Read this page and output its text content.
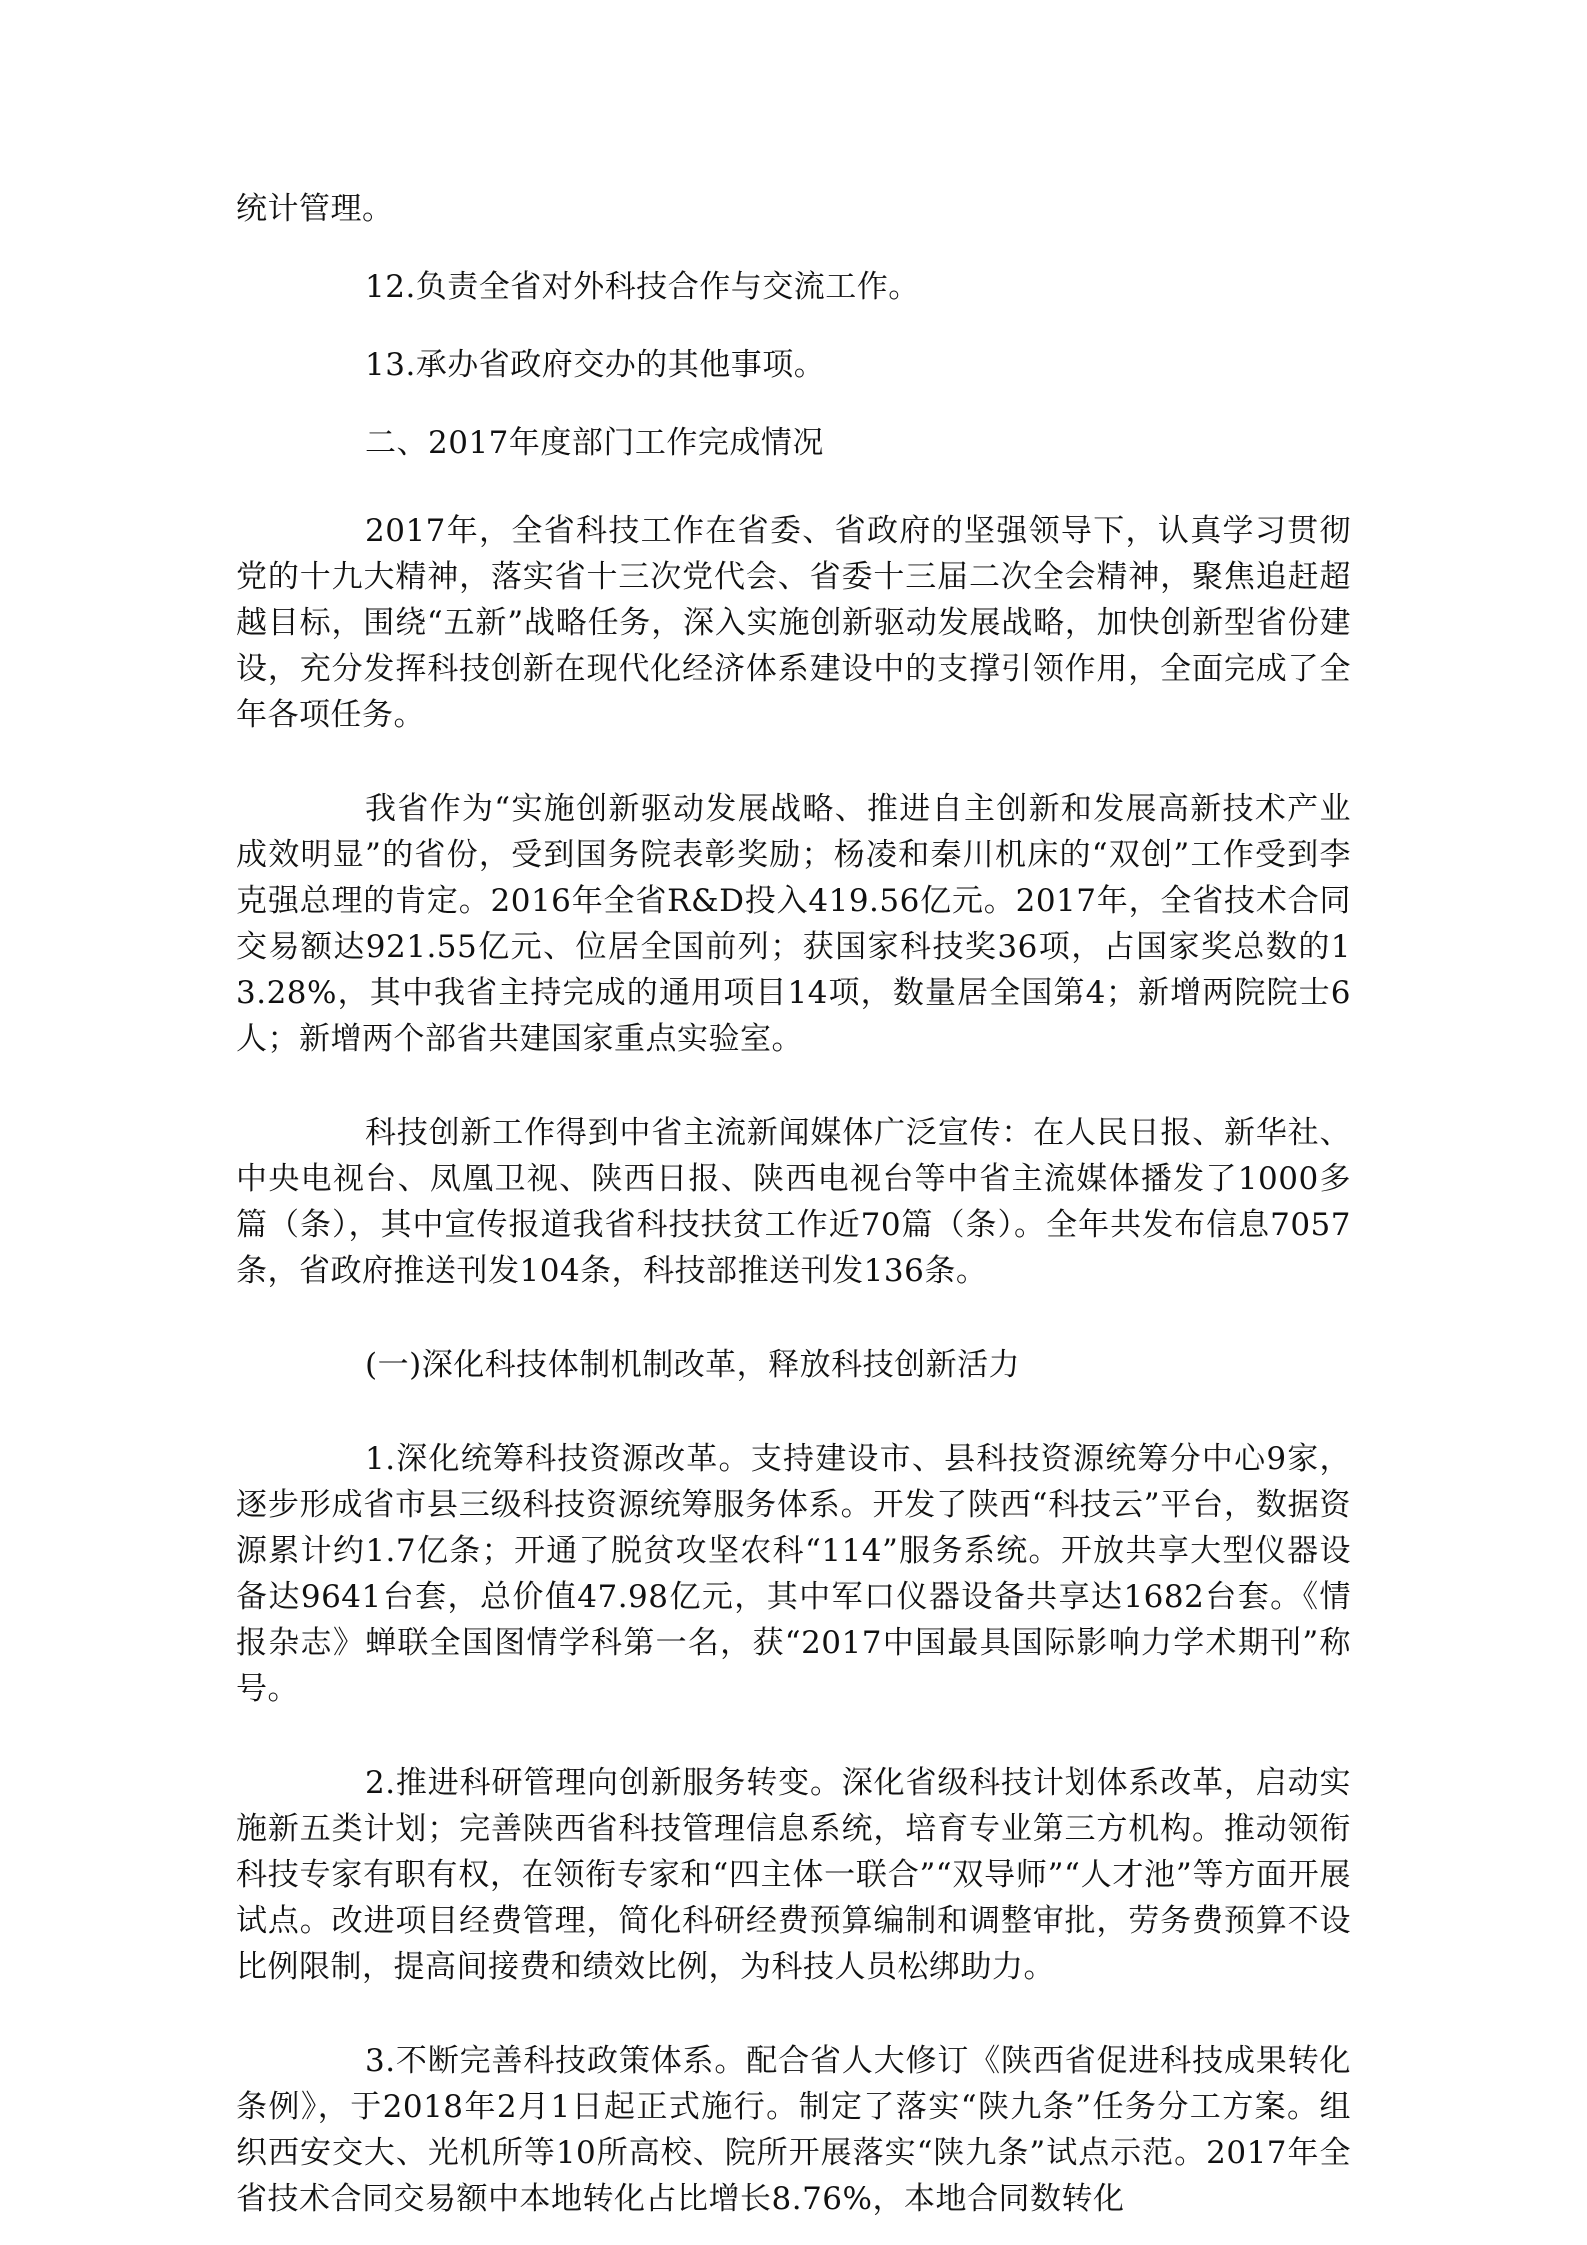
统计管理。

12.负责全省对外科技合作与交流工作。

13.承办省政府交办的其他事项。

二、2017年度部门工作完成情况

2017年，全省科技工作在省委、省政府的坚强领导下，认真学习贯彻党的十九大精神，落实省十三次党代会、省委十三届二次全会精神，聚焦追赶超越目标，围绕“五新”战略任务，深入实施创新驱动发展战略，加快创新型省份建设，充分发挥科技创新在现代化经济体系建设中的支撑引领作用，全面完成了全年各项任务。

我省作为“实施创新驱动发展战略、推进自主创新和发展高新技术产业成效明显”的省份，受到国务院表彰奖励；杨凌和秦川机床的“双创”工作受到李克强总理的肯定。2016年全省R&D投入419.56亿元。2017年，全省技术合同交易额达921.55亿元、位居全国前列；获国家科技奖36项，占国家奖总数的13.28%，其中我省主持完成的通用项目14项，数量居全国第4；新增两院院士6人；新增两个部省共建国家重点实验室。

科技创新工作得到中省主流新闻媒体广泛宣传：在人民日报、新华社、中央电视台、凤凰卫视、陕西日报、陕西电视台等中省主流媒体播发了1000多篇（条），其中宣传报道我省科技扶贫工作近70篇（条）。全年共发布信息7057条，省政府推送刊发104条，科技部推送刊发136条。

(一)深化科技体制机制改革，释放科技创新活力

1.深化统筹科技资源改革。支持建设市、县科技资源统筹分中心9家，逐步形成省市县三级科技资源统筹服务体系。开发了陕西“科技云”平台，数据资源累计约1.7亿条；开通了脱贫攻坚农科“114”服务系统。开放共享大型仪器设备达9641台套，总价值47.98亿元，其中军口仪器设备共享达1682台套。《情报杂志》蝉联全国图情学科第一名，获“2017中国最具国际影响力学术期刊”称号。

2.推进科研管理向创新服务转变。深化省级科技计划体系改革，启动实施新五类计划；完善陕西省科技管理信息系统，培育专业第三方机构。推动领衔科技专家有职有权，在领衔专家和“四主体一联合”“双导师”“人才池”等方面开展试点。改进项目经费管理，简化科研经费预算编制和调整审批，劳务费预算不设比例限制，提高间接费和绩效比例，为科技人员松绑助力。

3.不断完善科技政策体系。配合省人大修订《陕西省促进科技成果转化条例》，于2018年2月1日起正式施行。制定了落实“陕九条”任务分工方案。组织西安交大、光机所等10所高校、院所开展落实“陕九条”试点示范。2017年全省技术合同交易额中本地转化占比增长8.76%，本地合同数转化
